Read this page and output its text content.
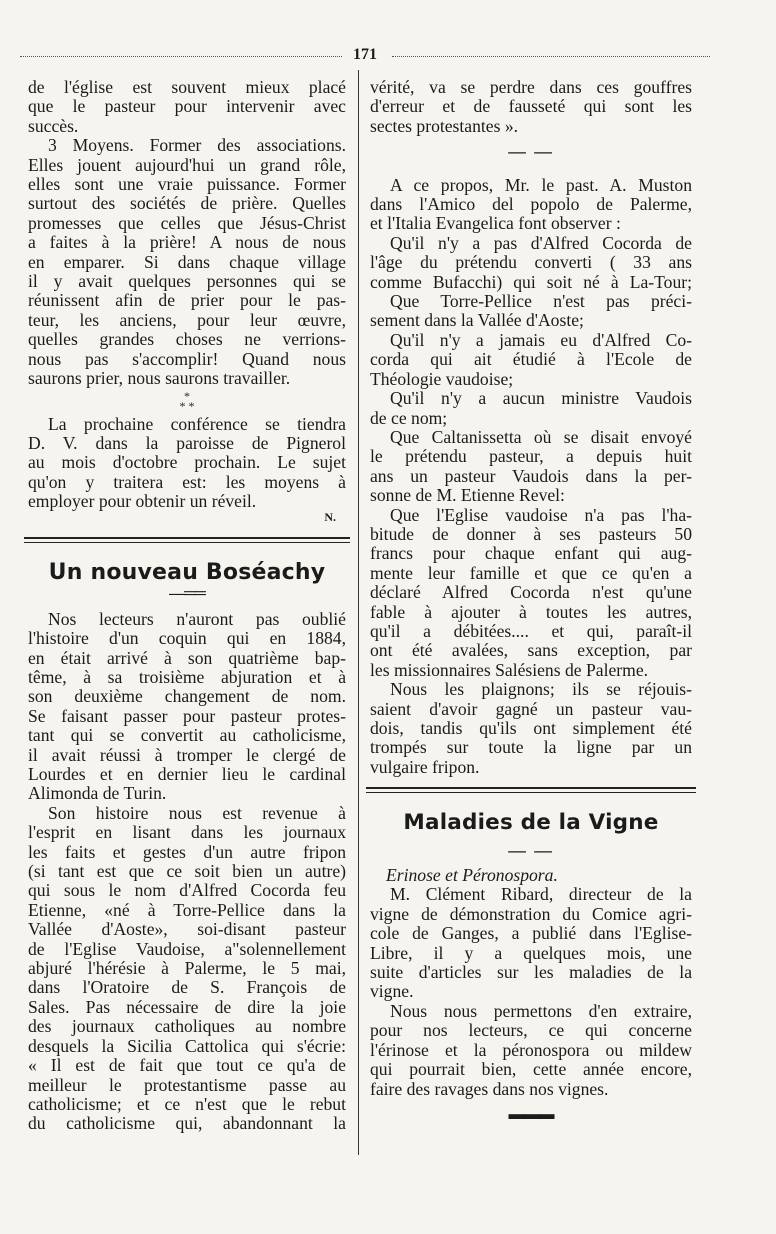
171
de l'église est souvent mieux placé
que le pasteur pour intervenir avec
succès.
3 Moyens. Former des associations.
Elles jouent aujourd'hui un grand rôle,
elles sont une vraie puissance. Former
surtout des sociétés de prière. Quelles
promesses que celles que Jésus-Christ
a faites à la prière! A nous de nous
en emparer. Si dans chaque village
il y avait quelques personnes qui se
réunissent afin de prier pour le pas-
teur, les anciens, pour leur œuvre,
quelles grandes choses ne verrions-
nous pas s'accomplir! Quand nous
saurons prier, nous saurons travailler.
*
* *
La prochaine conférence se tiendra
D. V. dans la paroisse de Pignerol
au mois d'octobre prochain. Le sujet
qu'on y traitera est: les moyens à
employer pour obtenir un réveil.
N.
Un nouveau Boséachy
—══
Nos lecteurs n'auront pas oublié
l'histoire d'un coquin qui en 1884,
en était arrivé à son quatrième bap-
tême, à sa troisième abjuration et à
son deuxième changement de nom.
Se faisant passer pour pasteur protes-
tant qui se convertit au catholicisme,
il avait réussi à tromper le clergé de
Lourdes et en dernier lieu le cardinal
Alimonda de Turin.
Son histoire nous est revenue à
l'esprit en lisant dans les journaux
les faits et gestes d'un autre fripon
(si tant est que ce soit bien un autre)
qui sous le nom d'Alfred Cocorda feu
Etienne, «né à Torre-Pellice dans la
Vallée d'Aoste», soi-disant pasteur
de l'Eglise Vaudoise, a"solennellement
abjuré l'hérésie à Palerme, le 5 mai,
dans l'Oratoire de S. François de
Sales. Pas nécessaire de dire la joie
des journaux catholiques au nombre
desquels la Sicilia Cattolica qui s'écrie:
« Il est de fait que tout ce qu'a de
meilleur le protestantisme passe au
catholicisme; et ce n'est que le rebut
du catholicisme qui, abandonnant la
vérité, va se perdre dans ces gouffres
d'erreur et de fausseté qui sont les
sectes protestantes ».
— —
A ce propos, Mr. le past. A. Muston
dans l'Amico del popolo de Palerme,
et l'Italia Evangelica font observer :
Qu'il n'y a pas d'Alfred Cocorda de
l'âge du prétendu converti ( 33 ans
comme Bufacchi) qui soit né à La-Tour;
Que Torre-Pellice n'est pas préci-
sement dans la Vallée d'Aoste;
Qu'il n'y a jamais eu d'Alfred Co-
corda qui ait étudié à l'Ecole de
Théologie vaudoise;
Qu'il n'y a aucun ministre Vaudois
de ce nom;
Que Caltanissetta où se disait envoyé
le prétendu pasteur, a depuis huit
ans un pasteur Vaudois dans la per-
sonne de M. Etienne Revel:
Que l'Eglise vaudoise n'a pas l'ha-
bitude de donner à ses pasteurs 50
francs pour chaque enfant qui aug-
mente leur famille et que ce qu'en a
déclaré Alfred Cocorda n'est qu'une
fable à ajouter à toutes les autres,
qu'il a débitées.... et qui, paraît-il
ont été avalées, sans exception, par
les missionnaires Salésiens de Palerme.
Nous les plaignons; ils se réjouis-
saient d'avoir gagné un pasteur vau-
dois, tandis qu'ils ont simplement été
trompés sur toute la ligne par un
vulgaire fripon.
Maladies de la Vigne
— —
Erinose et Péronospora.
M. Clément Ribard, directeur de la
vigne de démonstration du Comice agri-
cole de Ganges, a publié dans l'Eglise-
Libre, il y a quelques mois, une
suite d'articles sur les maladies de la
vigne.
Nous nous permettons d'en extraire,
pour nos lecteurs, ce qui concerne
l'érinose et la péronospora ou mildew
qui pourrait bien, cette année encore,
faire des ravages dans nos vignes.
▬▬▬
